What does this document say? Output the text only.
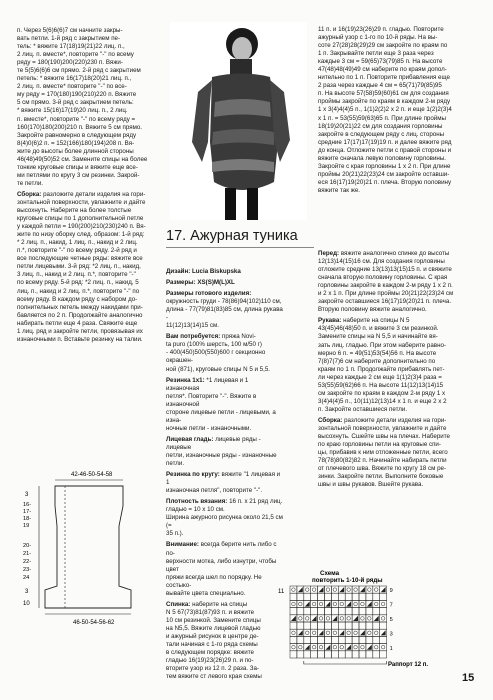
п. Через 5(6)6(6)7 см начните закры-

вать петли. 1-й ряд с закрытием пе-

тель: * вяжите 17(18)19(21)22 лиц. п.,

2 лиц. п. вместе*, повторите "-" по всему

ряду = 180(190)200(220)230 п. Вяжи-

те 5(5)6(6)6 см прямо. 2-й ряд с закрытием

петель: * вяжите 16(17)18(20)21 лиц. п.,

2 лиц. п. вместе* повторите "-" по все-

му ряду = 170(180)190(210)220 п. Вяжите

5 см прямо. 3-й ряд с закрытием петель:

* вяжите 15(16)17(19)20 лиц. п., 2 лиц.

п. вместе*, повторите "-" по всему ряду =

160(170)180(200)210 п. Вяжите 5 см прямо.

Закройте равномерно в следующем ряду

8(4)0(6)2 п. = 152(166)180(194)208 п. Вя-

жите до высоты более длинной стороны

46(48)49(50)52 см. Замените спицы на более

тонкие круговые спицы и вяжите еще все-

ми петлями по кругу 3 см резинки. Закрой-

те петли.

Сборка: разложите детали изделия на гори-

зонтальной поверхности, увлажните и дайте высохнуть. Наберите на более толстые

круговые спицы по 1 дополнительной петле

у каждой петли = 190(200)210(230)240 п. Вя-

жите по низу оборку след. образом: 1-й ряд:

* 2 лиц. п., накид, 1 лиц. п., накид и 2 лиц.

п.*, повторите "-" по всему ряду. 2-й ряд и

все последующие четные ряды: вяжите все

петли лицевыми. 3-й ряд: *2 лиц. п., накид,

3 лиц. п., накид и 2 лиц. п.*, повторите "-"

по всему ряду. 5-й ряд: *2 лиц. п., накид, 5

лиц. п., накид и 2 лиц. п.*, повторите "-" по

всему ряду. В каждом ряду с набором до-

полнительных петель между накидами при-

бавляется по 2 п. Продолжайте аналогично

набирать петли еще 4 раза. Свяжите еще

1 лиц. ряд и закройте петли, провязывая их

изнаночными п. Вставьте резинку на талии.

17. Ажурная туника

Дизайн: Lucia Biskupska

Размеры: XS(S)M(L)XL

Размеры готового изделия:

окружность груди - 78(86)94(102)110 см,

длина - 77(79)81(83)85 см, длина рукава -

11(12)13(14)15 см.

Вам потребуется: пряжа Novi-

ta puro (100% шерсть, 100 м/50 г)

- 400(450)500(550)600 г секционно окрашен-

ной (871), круговые спицы N 5 и 5,5.

Резинка 1х1: *1 лицевая и 1 изнаночная

петля*. Повторите "-". Вяжите в изнаночной

стороне лицевые петли - лицевыми, а изна-

ночные петли - изнаночными.

Лицевая гладь: лицевые ряды - лицевые

петли, изнаночные ряды - изнаночные петли.

Резинка по кругу: вяжите "1 лицевая и 1

изнаночная петля", повторите "-".

Плотность вязания: 16 п. x 21 ряд лиц.

гладью = 10 x 10 см.

Ширина ажурного рисунка около 21,5 см (=

35 п.).

Внимание: всегда берите нить либо с по-

верхности мотка, либо изнутри, чтобы цвет

пряжи всегда шел по порядку. Не состыко-

вывайте цвета специально.

Спинка: наберите на спицы

N 5 67(73)81(87)93 п. и вяжите

10 см резинкой. Замените спицы

на N5,5. Вяжите лицевой гладью

и ажурный рисунок в центре де-

тали начиная с 1-го ряда схемы

в следующем порядке: вяжите

гладью 16(19)23(26)29 п. и по-

вторите узор из 12 п. 2 раза. За-

тем вяжите ст левого края схемы

11 п. и 16(19)23(26)29 п. гладью. Повторите

ажурный узор с 1-го по 10-й ряды. На вы-

соте 27(28)28(29)29 см закройте по краям по

1 п. Закрывайте петли еще 3 раза через

каждые 3 см = 59(65)73(79)85 п. На высоте

47(48)48(49)49 см наберите по краям допол-

нительно по 1 п. Повторите прибавления еще

2 раза через каждые 4 см = 65(71)79(85)95

п. На высоте 57(58)59(60)61 см для создания

проймы закройте по краям в каждом 2-м ряду

1 x 3(4)4(4)5 п., 1(1)2(2)2 x 2 п. и еще 1(2)2(3)4

x 1 п. = 53(55)59(63)65 п. При длине проймы

18(19)20(21)22 см для создания горловины

закройте в следующем ряду с лиц. стороны

средние 17(17)17(19)19 п. и далее вяжите ряд

до конца. Отложите петли с правой стороны и

вяжите сначала левую половину горловины.

Закройте с края горловины 1 x 2 п. При длине

проймы 20(21)22(23)24 см закройте оставши-

еся 16(17)19(20)21 п. плечa. Вторую половину

вяжите так же.

Перед: вяжите аналогично спинке до высоты

12(13)14(15)16 см. Для создания горловины

отложите средние 13(13)13(15)15 п. и свяжите

сначала вторую половину горловины. С края

горловины закройте в каждом 2-м ряду 1 x 2 п.

и 2 x 1 п. При длине проймы 20(21)22(23)24 см

закройте оставшиеся 16(17)19(20)21 п. плеча.

Вторую половину вяжите аналогично.

Рукава: наберите на спицы N 5

43(45)46(48)50 п. и вяжите 3 см резинкой.

Замените спицы на N 5,5 и начинайте вя-

зать лиц. гладью. При этом наберите равно-

мерно 6 п. = 49(51)53(54)56 п. На высоте

7(8)7(7)6 см наберите дополнительно по

краям по 1 п. Продолжайте прибавлять пет-

ли через каждые 2 см еще 1(1)2(3)4 раза =

53(55)59(62)66 п. На высоте 11(12)13(14)15

см закройте по краям в каждом 2-м ряду 1 x

3(4)4(4)5 п., 10(11)12(13)14 x 1 п. и еще 2 x 2

п. Закройте оставшиеся петли.

Сборка: разложите детали изделия на гори-

зонтальной поверхности, увлажните и дайте

высохнуть. Сшейте швы на плечах. Наберите

по краю горловины петли на круговые спи-

цы, прибавив к ним отложенные петли, всего

78(78)80(82)82 п. Начинайте набирать петли

от плечевого шва. Вяжите по кругу 18 см ре-

зинки. Закройте петли. Выполните боковые

швы и швы рукавов. Вшейте рукава.

42-46-50-54-58
46-50-54-56-62
3
16-
17-
18-
19
20-
21-
22-
23-
24
3
10
Схема
повторить 1-10-й ряды
9
7
5
3
1
11
Раппорт 12 п.
15
